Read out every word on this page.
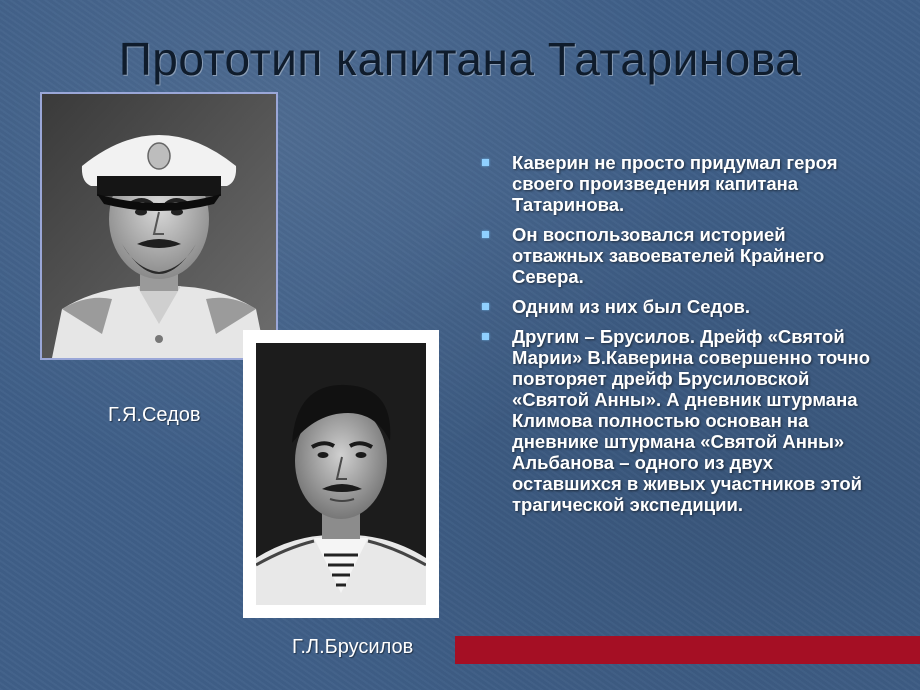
Прототип капитана Татаринова
Г.Я.Седов
Г.Л.Брусилов
Каверин не просто придумал героя своего произведения капитана Татаринова.
Он воспользовался историей отважных завоевателей Крайнего Севера.
Одним из них был Седов.
Другим – Брусилов. Дрейф «Святой Марии» В.Каверина совершенно точно повторяет дрейф Брусиловской «Святой Анны». А дневник штурмана Климова полностью основан на дневнике штурмана «Святой Анны» Альбанова – одного из двух оставшихся в живых участников этой трагической экспедиции.
